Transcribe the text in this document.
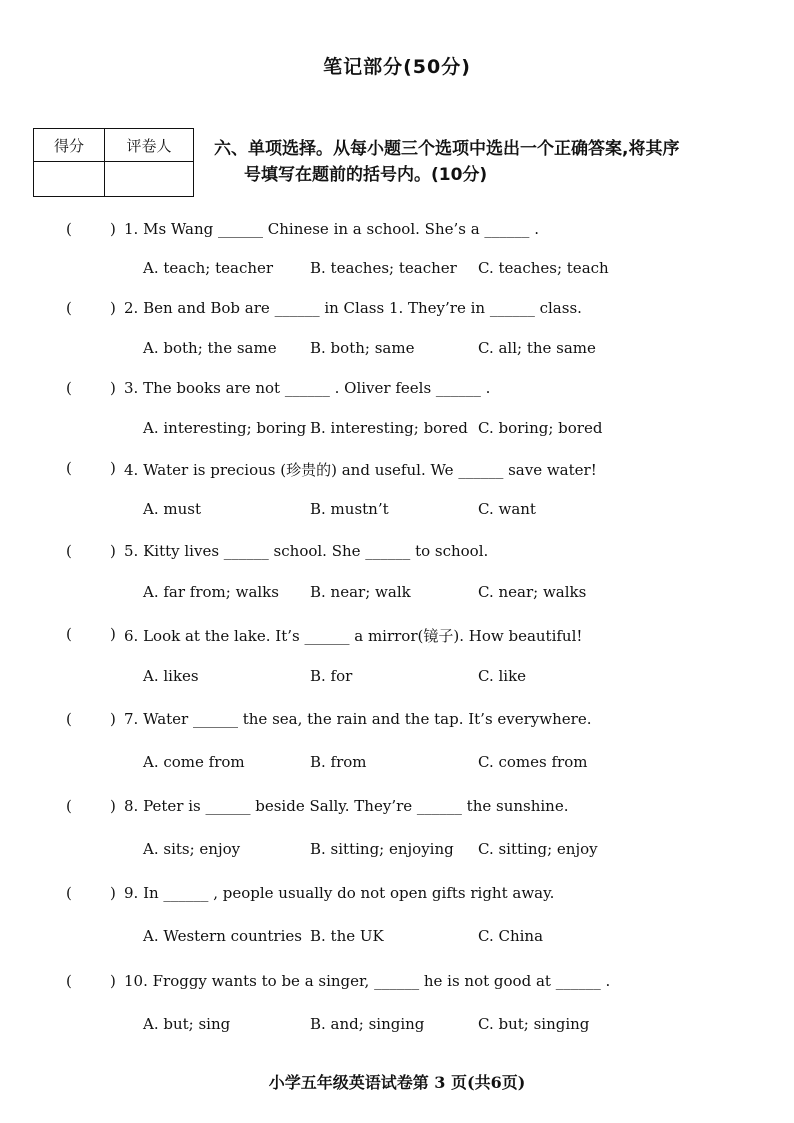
笔记部分(50分)
得分	评卷人
		六、单项选择。从每小题三个选项中选出一个正确答案,将其序
号填写在题前的括号内。(10分)
(	) 1. Ms Wang ______ Chinese in a school. She’s a ______ .
A. teach; teacher B. teaches; teacher C. teaches; teach
(	) 2. Ben and Bob are ______ in Class 1. They’re in ______ class.
A. both; the same B. both; same	C. all; the same
(	) 3. The books are not ______ . Oliver feels ______ .
A. interesting; boring B. interesting; bored C. boring; bored
(	) 4. Water is precious (珍贵的) and useful. We ______ save water!
A. must	B. mustn’t	C. want
(	) 5. Kitty lives ______ school. She ______ to school.
A. far from; walks B. near; walk	C. near; walks
(	) 6. Look at the lake. It’s ______ a mirror(镜子). How beautiful!
A. likes	B. for	C. like
(	) 7. Water ______ the sea, the rain and the tap. It’s everywhere.
A. come from	B. from	C. comes from
(	) 8. Peter is ______ beside Sally. They’re ______ the sunshine.
A. sits; enjoy	B. sitting; enjoying C. sitting; enjoy
(	) 9. In ______ , people usually do not open gifts right away.
A. Western countries B. the UK	C. China
(	) 10. Froggy wants to be a singer, ______ he is not good at ______ .
A. but; sing	B. and; singing	C. but; singing
小学五年级英语试卷第 3 页(共6页)
